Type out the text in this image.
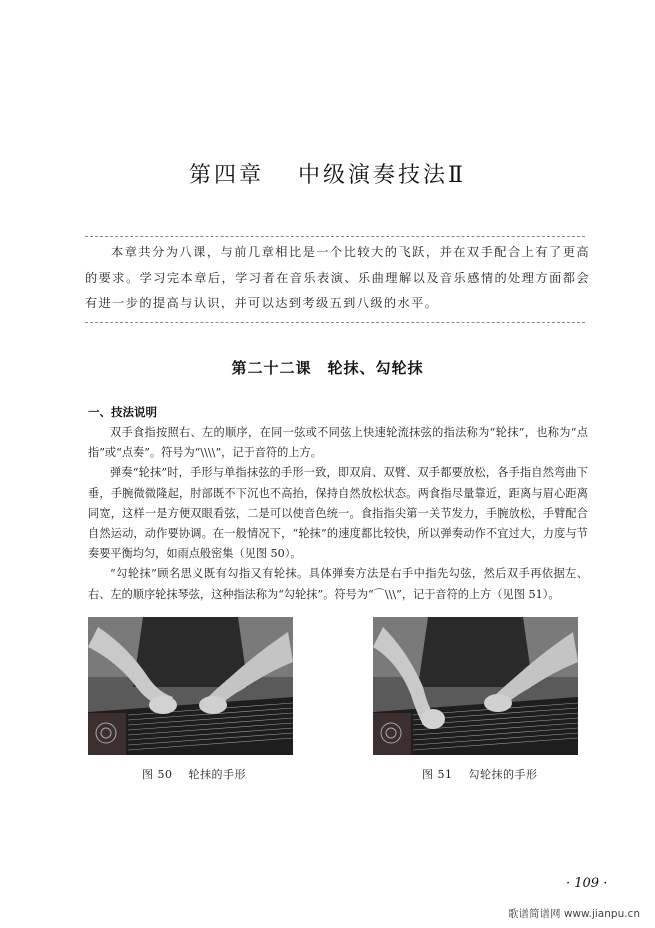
第四章 中级演奏技法Ⅱ
本章共分为八课，与前几章相比是一个比较大的飞跃，并在双手配合上有了更高的要求。学习完本章后，学习者在音乐表演、乐曲理解以及音乐感情的处理方面都会有进一步的提高与认识，并可以达到考级五到八级的水平。
第二十二课 轮抹、勾轮抹
一、技法说明

双手食指按照右、左的顺序，在同一弦或不同弦上快速轮流抹弦的指法称为“轮抹”，也称为“点指”或“点奏”。符号为“\\\\”，记于音符的上方。

弹奏“轮抹”时，手形与单指抹弦的手形一致，即双肩、双臂、双手都要放松，各手指自然弯曲下垂，手腕微微隆起，肘部既不下沉也不高抬，保持自然放松状态。两食指尽量靠近，距离与眉心距离同宽，这样一是方便双眼看弦，二是可以使音色统一。食指指尖第一关节发力，手腕放松，手臂配合自然运动，动作要协调。在一般情况下，“轮抹”的速度都比较快，所以弹奏动作不宜过大，力度与节奏要平衡均匀，如雨点般密集（见图 50）。

“勾轮抹”顾名思义既有勾指又有轮抹。具体弹奏方法是右手中指先勾弦，然后双手再依据左、右、左的顺序轮抹琴弦，这种指法称为“勾轮抹”。符号为“⌒\\\”，记于音符的上方（见图 51）。

图 50 轮抹的手形	图 51 勾轮抹的手形
· 109 ·
歌谱简谱网 www.jianpu.cn
